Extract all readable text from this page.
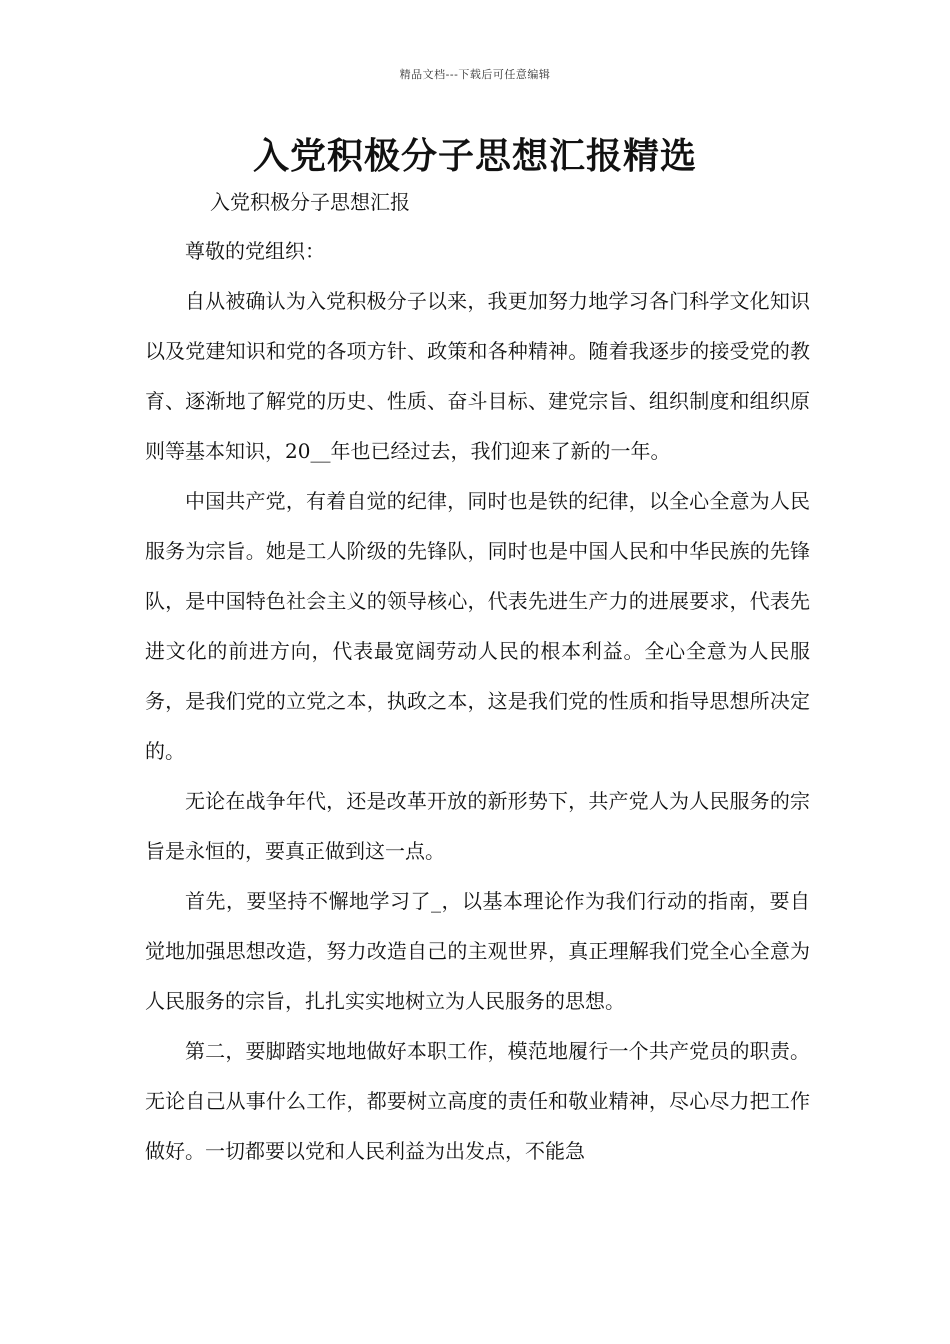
精品文档---下载后可任意编辑
入党积极分子思想汇报精选
入党积极分子思想汇报

尊敬的党组织：

自从被确认为入党积极分子以来，我更加努力地学习各门科学文化知识以及党建知识和党的各项方针、政策和各种精神。随着我逐步的接受党的教育、逐渐地了解党的历史、性质、奋斗目标、建党宗旨、组织制度和组织原则等基本知识，20__年也已经过去，我们迎来了新的一年。

中国共产党，有着自觉的纪律，同时也是铁的纪律，以全心全意为人民服务为宗旨。她是工人阶级的先锋队，同时也是中国人民和中华民族的先锋队，是中国特色社会主义的领导核心，代表先进生产力的进展要求，代表先进文化的前进方向，代表最宽阔劳动人民的根本利益。全心全意为人民服务，是我们党的立党之本，执政之本，这是我们党的性质和指导思想所决定的。

无论在战争年代，还是改革开放的新形势下，共产党人为人民服务的宗旨是永恒的，要真正做到这一点。

首先，要坚持不懈地学习了_，以基本理论作为我们行动的指南，要自觉地加强思想改造，努力改造自己的主观世界，真正理解我们党全心全意为人民服务的宗旨，扎扎实实地树立为人民服务的思想。

第二，要脚踏实地地做好本职工作，模范地履行一个共产党员的职责。无论自己从事什么工作，都要树立高度的责任和敬业精神，尽心尽力把工作做好。一切都要以党和人民利益为出发点，不能急
